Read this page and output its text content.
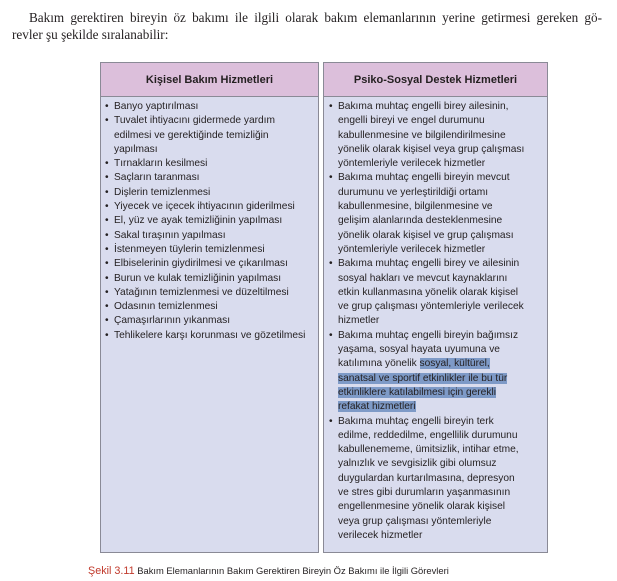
Bakım gerektiren bireyin öz bakımı ile ilgili olarak bakım elemanlarının yerine getirmesi gereken gö-
revler şu şekilde sıralanabilir:

Kişisel Bakım Hizmetleri
• Banyo yaptırılması

• Tuvalet ihtiyacını gidermede yardım
edilmesi ve gerektiğinde temizliğin
yapılması

• Tırnakların kesilmesi

• Saçların taranması

• Dişlerin temizlenmesi

• Yiyecek ve içecek ihtiyacının giderilmesi

• El, yüz ve ayak temizliğinin yapılması

• Sakal tıraşının yapılması

• İstenmeyen tüylerin temizlenmesi

• Elbiselerinin giydirilmesi ve çıkarılması

• Burun ve kulak temizliğinin yapılması

• Yatağının temizlenmesi ve düzeltilmesi

• Odasının temizlenmesi

• Çamaşırlarının yıkanması

• Tehlikelere karşı korunması ve gözetilmesi

Psiko-Sosyal Destek Hizmetleri
• Bakıma muhtaç engelli birey ailesinin,
engelli bireyi ve engel durumunu
kabullenmesine ve bilgilendirilmesine
yönelik olarak kişisel veya grup çalışması
yöntemleriyle verilecek hizmetler

• Bakıma muhtaç engelli bireyin mevcut
durumunu ve yerleştirildiği ortamı
kabullenmesine, bilgilenmesine ve
gelişim alanlarında desteklenmesine
yönelik olarak kişisel ve grup çalışması
yöntemleriyle verilecek hizmetler

• Bakıma muhtaç engelli birey ve ailesinin
sosyal hakları ve mevcut kaynaklarını
etkin kullanmasına yönelik olarak kişisel
ve grup çalışması yöntemleriyle verilecek
hizmetler

• Bakıma muhtaç engelli bireyin bağımsız
yaşama, sosyal hayata uyumuna ve
katılımına yönelik sosyal, kültürel,
sanatsal ve sportif etkinlikler ile bu tür
etkinliklere katılabilmesi için gerekli
refakat hizmetleri
• Bakıma muhtaç engelli bireyin terk
edilme, reddedilme, engellilik durumunu
kabullenememe, ümitsizlik, intihar etme,
yalnızlık ve sevgisizlik gibi olumsuz
duygulardan kurtarılmasına, depresyon
ve stres gibi durumların yaşanmasının
engellenmesine yönelik olarak kişisel
veya grup çalışması yöntemleriyle
verilecek hizmetler

Şekil 3.11 Bakım Elemanlarının Bakım Gerektiren Bireyin Öz Bakımı ile İlgili Görevleri
